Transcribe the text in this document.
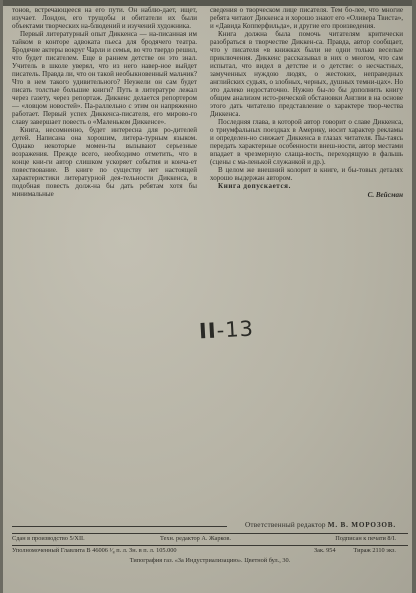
тонов, встречающееся на его пути. Он наблю-дает, ищет, изучает. Лондон, его трущобы и обитатели их были объектами творческих на-блюдений и изучений художника.

Первый литературный опыт Диккенса — на-писанная им тайком в конторе адвоката пьеса для бродячего театра. Бродячие актеры вокруг Чарли и семья, во что твердо решил, что будет писателем. Еще в раннем детстве он это знал. Учитель в школе уверял, что из него навер-ное выйдет писатель. Правда ли, что он такой необыкновенный мальчик? Что в нем такого удивительного? Неужели он сам будет писать толстые большие книги? Путь в литературе лежал через газету, через репортаж. Диккенс делается репортером — «ловцом новостей». Па-раллельно с этим он напряженно работает. Первый успех Диккенса-писателя, его мирово-го славу завершает повесть о «Маленьком Диккенсе».

Книга, несомненно, будет интересна для ро-дителей детей. Написана она хорошим, литера-турным языком. Однако некоторые момен-ты вызывают серьезные возражения. Прежде всего, необходимо отметить, что в конце кни-ги автор слишком ускоряет события и конча-ет повествование. В книге по существу нет настоящей характеристики литературной дея-тельности Диккенса, в подобная повесть долж-на бы дать ребятам хотя бы минимальные

сведения о творческом лице писателя. Тем бо-лее, что многие ребята читают Диккенса и хорошо знают его «Оливера Твиста», и «Давида Копперфильда», и другие его произведения.

Книга должна была помочь читателям критически разобраться в творчестве Диккен-са. Правда, автор сообщает, что у писателя «в книжках были не одни только веселые приключения. Диккенс рассказывал в них о многом, что сам испытал, что видел в детстве и о детстве: о несчастных, замученных нуждою людях, о жестоких, неправедных английских судьях, о злобных, черных, душных темни-цах». Но это далеко недостаточно. Нужно бы-ло бы дополнить книгу общим анализом исто-рической обстановки Англии в на основе этого дать читателю представление о характере твор-чества Диккенса.

Последняя глава, в которой автор говорит о славе Диккенса, о триумфальных поездках в Америку, носит характер рекламы и определен-но снижает Диккенса в глазах читателя. Пы-таясь передать характерные особенности внеш-ности, автор местами впадает в чрезмерную слаща-вость, переходящую в фальшь (сцены с ма-ленькой служанкой и др.).

В целом же внешний колорит в книге, и бы-товых деталях хорошо выдержан автором.

Книга допускается.

С. Вейсман
II-13
Ответственный редактор М. В. МОРОЗОВ.
Сдан в производство 5/XII.	Техн. редактор А. Жарков.	Подписан к печати 8/I.
Уполномоченный Главлита В 46006 ¹⁄₈ п. л. Зн. в п. л. 105.000	Зак. 954	Тираж 2110 экз.
Типография газ. «За Индустриализацию». Цветной бул., 30.
